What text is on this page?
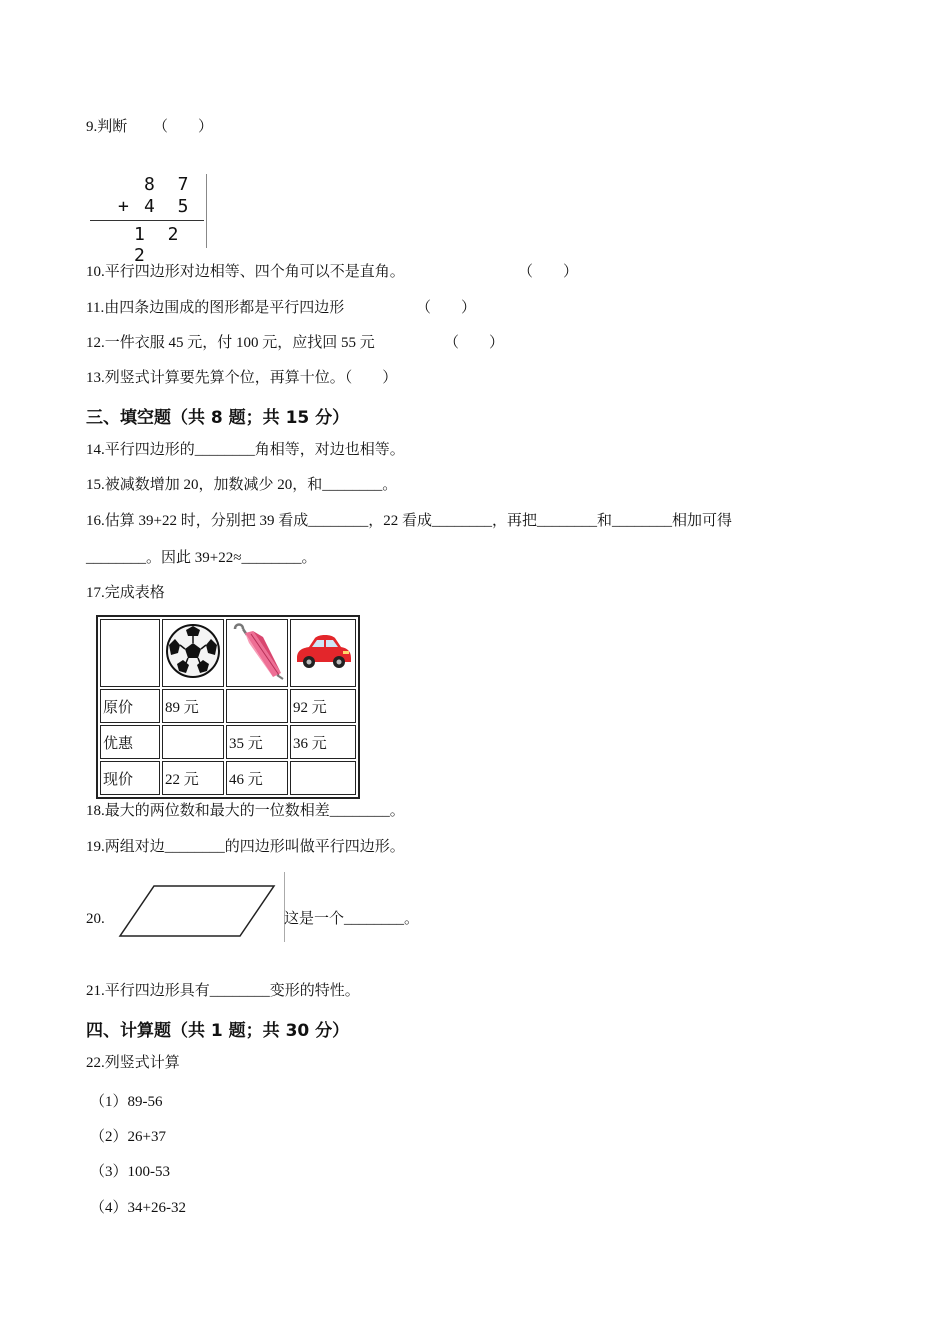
9.判断 （　　）
8 7
+ 4 5
1 2 2
10.平行四边形对边相等、四个角可以不是直角。	（　　）
11.由四条边围成的图形都是平行四边形	（　　）
12.一件衣服 45 元，付 100 元，应找回 55 元	（　　）
13.列竖式计算要先算个位，再算十位。（　　）
三、填空题（共 8 题；共 15 分）
14.平行四边形的________角相等，对边也相等。
15.被减数增加 20，加数减少 20，和________。
16.估算 39+22 时，分别把 39 看成________，22 看成________，再把________和________相加可得
________。因此 39+22≈________。
17.完成表格

原价	89 元		92 元
优惠		35 元	36 元
现价	22 元	46 元	
18.最大的两位数和最大的一位数相差________。
19.两组对边________的四边形叫做平行四边形。
20.	这是一个________。
21.平行四边形具有________变形的特性。
四、计算题（共 1 题；共 30 分）
22.列竖式计算
（1）89-56
（2）26+37
（3）100-53
（4）34+26-32
